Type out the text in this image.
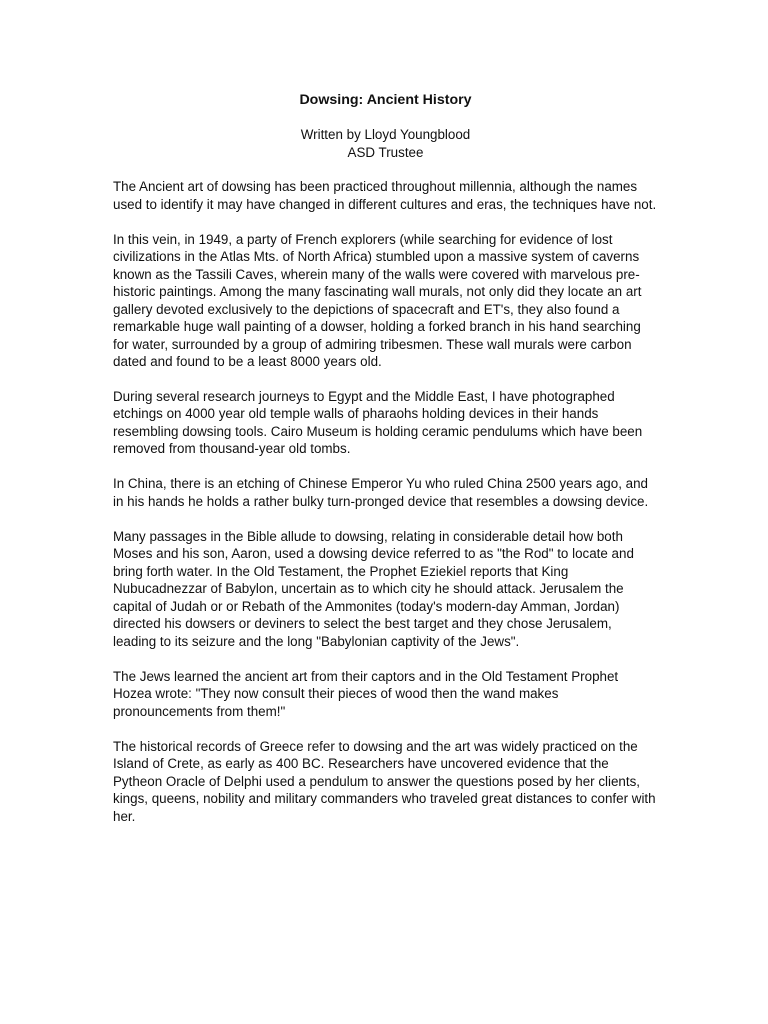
Dowsing: Ancient History
Written by Lloyd Youngblood
ASD Trustee

The Ancient art of dowsing has been practiced throughout millennia, although the names used to identify it may have changed in different cultures and eras, the techniques have not.

In this vein, in 1949, a party of French explorers (while searching for evidence of lost civilizations in the Atlas Mts. of North Africa) stumbled upon a massive system of caverns known as the Tassili Caves, wherein many of the walls were covered with marvelous pre-historic paintings. Among the many fascinating wall murals, not only did they locate an art gallery devoted exclusively to the depictions of spacecraft and ET's, they also found a remarkable huge wall painting of a dowser, holding a forked branch in his hand searching for water, surrounded by a group of admiring tribesmen. These wall murals were carbon dated and found to be a least 8000 years old.

During several research journeys to Egypt and the Middle East, I have photographed etchings on 4000 year old temple walls of pharaohs holding devices in their hands resembling dowsing tools. Cairo Museum is holding ceramic pendulums which have been removed from thousand-year old tombs.

In China, there is an etching of Chinese Emperor Yu who ruled China 2500 years ago, and in his hands he holds a rather bulky turn-pronged device that resembles a dowsing device.

Many passages in the Bible allude to dowsing, relating in considerable detail how both Moses and his son, Aaron, used a dowsing device referred to as "the Rod" to locate and bring forth water. In the Old Testament, the Prophet Eziekiel reports that King Nubucadnezzar of Babylon, uncertain as to which city he should attack. Jerusalem the capital of Judah or or Rebath of the Ammonites (today's modern-day Amman, Jordan) directed his dowsers or deviners to select the best target and they chose Jerusalem, leading to its seizure and the long "Babylonian captivity of the Jews".

The Jews learned the ancient art from their captors and in the Old Testament Prophet Hozea wrote: "They now consult their pieces of wood then the wand makes pronouncements from them!"

The historical records of Greece refer to dowsing and the art was widely practiced on the Island of Crete, as early as 400 BC. Researchers have uncovered evidence that the Pytheon Oracle of Delphi used a pendulum to answer the questions posed by her clients, kings, queens, nobility and military commanders who traveled great distances to confer with her.
